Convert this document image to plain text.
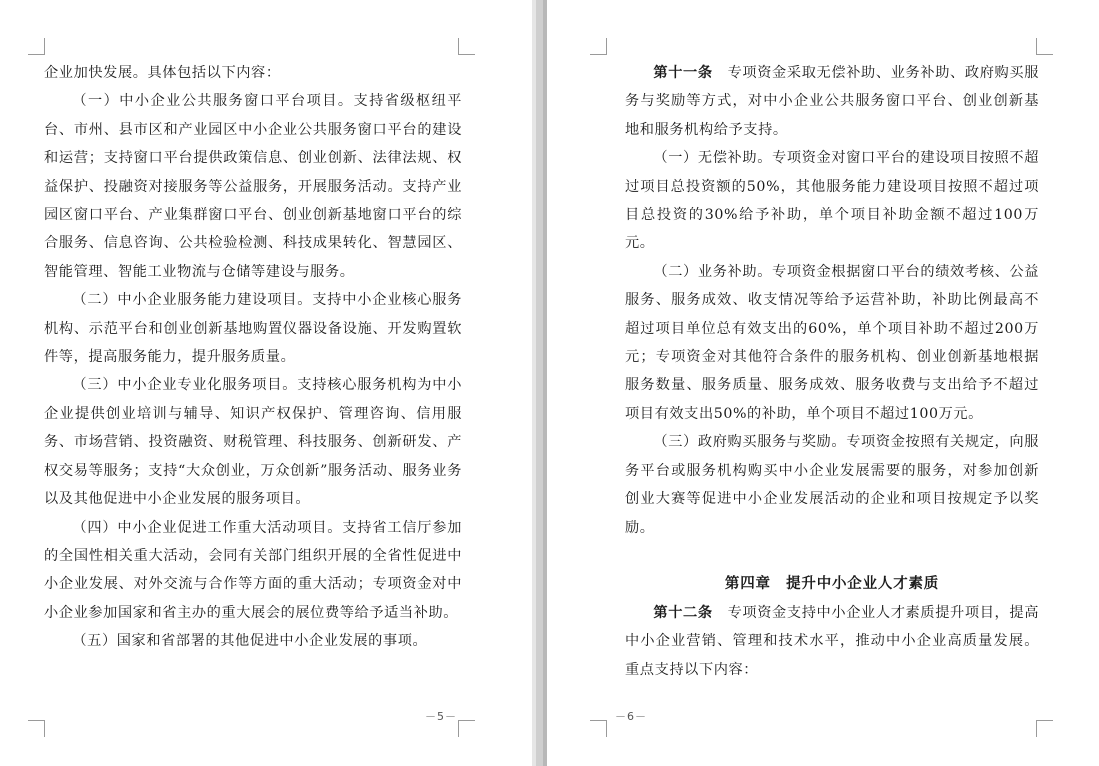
企业加快发展。具体包括以下内容：

（一）中小企业公共服务窗口平台项目。支持省级枢纽平台、市州、县市区和产业园区中小企业公共服务窗口平台的建设和运营；支持窗口平台提供政策信息、创业创新、法律法规、权益保护、投融资对接服务等公益服务，开展服务活动。支持产业园区窗口平台、产业集群窗口平台、创业创新基地窗口平台的综合服务、信息咨询、公共检验检测、科技成果转化、智慧园区、智能管理、智能工业物流与仓储等建设与服务。

（二）中小企业服务能力建设项目。支持中小企业核心服务机构、示范平台和创业创新基地购置仪器设备设施、开发购置软件等，提高服务能力，提升服务质量。

（三）中小企业专业化服务项目。支持核心服务机构为中小企业提供创业培训与辅导、知识产权保护、管理咨询、信用服务、市场营销、投资融资、财税管理、科技服务、创新研发、产权交易等服务；支持“大众创业，万众创新”服务活动、服务业务以及其他促进中小企业发展的服务项目。

（四）中小企业促进工作重大活动项目。支持省工信厅参加的全国性相关重大活动，会同有关部门组织开展的全省性促进中小企业发展、对外交流与合作等方面的重大活动；专项资金对中小企业参加国家和省主办的重大展会的展位费等给予适当补助。

（五）国家和省部署的其他促进中小企业发展的事项。

－5－

第十一条　 专项资金采取无偿补助、业务补助、政府购买服务与奖励等方式，对中小企业公共服务窗口平台、创业创新基地和服务机构给予支持。

（一）无偿补助。专项资金对窗口平台的建设项目按照不超过项目总投资额的50%，其他服务能力建设项目按照不超过项目总投资的30%给予补助，单个项目补助金额不超过100万元。

（二）业务补助。专项资金根据窗口平台的绩效考核、公益服务、服务成效、收支情况等给予运营补助，补助比例最高不超过项目单位总有效支出的60%，单个项目补助不超过200万元；专项资金对其他符合条件的服务机构、创业创新基地根据服务数量、服务质量、服务成效、服务收费与支出给予不超过项目有效支出50%的补助，单个项目不超过100万元。

（三）政府购买服务与奖励。专项资金按照有关规定，向服务平台或服务机构购买中小企业发展需要的服务，对参加创新创业大赛等促进中小企业发展活动的企业和项目按规定予以奖励。

第四章　提升中小企业人才素质

第十二条　 专项资金支持中小企业人才素质提升项目，提高中小企业营销、管理和技术水平，推动中小企业高质量发展。重点支持以下内容：

－6－
